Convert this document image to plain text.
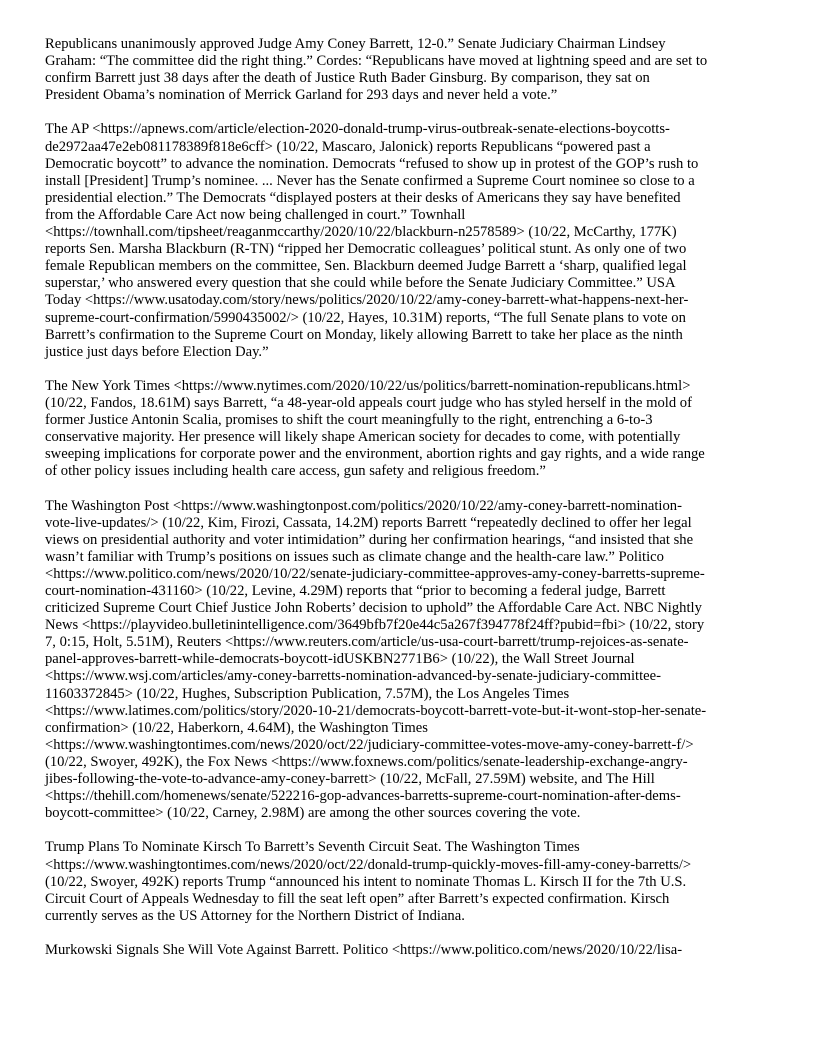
Republicans unanimously approved Judge Amy Coney Barrett, 12-0.” Senate Judiciary Chairman Lindsey
Graham: “The committee did the right thing.” Cordes: “Republicans have moved at lightning speed and are set to
confirm Barrett just 38 days after the death of Justice Ruth Bader Ginsburg. By comparison, they sat on
President Obama’s nomination of Merrick Garland for 293 days and never held a vote.”

The AP <https://apnews.com/article/election-2020-donald-trump-virus-outbreak-senate-elections-boycotts-
de2972aa47e2eb081178389f818e6cff> (10/22, Mascaro, Jalonick) reports Republicans “powered past a
Democratic boycott” to advance the nomination. Democrats “refused to show up in protest of the GOP’s rush to
install [President] Trump’s nominee. ... Never has the Senate confirmed a Supreme Court nominee so close to a
presidential election.” The Democrats “displayed posters at their desks of Americans they say have benefited
from the Affordable Care Act now being challenged in court.” Townhall
<https://townhall.com/tipsheet/reaganmccarthy/2020/10/22/blackburn-n2578589> (10/22, McCarthy, 177K)
reports Sen. Marsha Blackburn (R-TN) “ripped her Democratic colleagues’ political stunt. As only one of two
female Republican members on the committee, Sen. Blackburn deemed Judge Barrett a ‘sharp, qualified legal
superstar,’ who answered every question that she could while before the Senate Judiciary Committee.” USA
Today <https://www.usatoday.com/story/news/politics/2020/10/22/amy-coney-barrett-what-happens-next-her-
supreme-court-confirmation/5990435002/> (10/22, Hayes, 10.31M) reports, “The full Senate plans to vote on
Barrett’s confirmation to the Supreme Court on Monday, likely allowing Barrett to take her place as the ninth
justice just days before Election Day.”

The New York Times <https://www.nytimes.com/2020/10/22/us/politics/barrett-nomination-republicans.html>
(10/22, Fandos, 18.61M) says Barrett, “a 48-year-old appeals court judge who has styled herself in the mold of
former Justice Antonin Scalia, promises to shift the court meaningfully to the right, entrenching a 6-to-3
conservative majority. Her presence will likely shape American society for decades to come, with potentially
sweeping implications for corporate power and the environment, abortion rights and gay rights, and a wide range
of other policy issues including health care access, gun safety and religious freedom.”

The Washington Post <https://www.washingtonpost.com/politics/2020/10/22/amy-coney-barrett-nomination-
vote-live-updates/> (10/22, Kim, Firozi, Cassata, 14.2M) reports Barrett “repeatedly declined to offer her legal
views on presidential authority and voter intimidation” during her confirmation hearings, “and insisted that she
wasn’t familiar with Trump’s positions on issues such as climate change and the health-care law.” Politico
<https://www.politico.com/news/2020/10/22/senate-judiciary-committee-approves-amy-coney-barretts-supreme-
court-nomination-431160> (10/22, Levine, 4.29M) reports that “prior to becoming a federal judge, Barrett
criticized Supreme Court Chief Justice John Roberts’ decision to uphold” the Affordable Care Act. NBC Nightly
News <https://playvideo.bulletinintelligence.com/3649bfb7f20e44c5a267f394778f24ff?pubid=fbi> (10/22, story
7, 0:15, Holt, 5.51M), Reuters <https://www.reuters.com/article/us-usa-court-barrett/trump-rejoices-as-senate-
panel-approves-barrett-while-democrats-boycott-idUSKBN2771B6> (10/22), the Wall Street Journal
<https://www.wsj.com/articles/amy-coney-barretts-nomination-advanced-by-senate-judiciary-committee-
11603372845> (10/22, Hughes, Subscription Publication, 7.57M), the Los Angeles Times
<https://www.latimes.com/politics/story/2020-10-21/democrats-boycott-barrett-vote-but-it-wont-stop-her-senate-
confirmation> (10/22, Haberkorn, 4.64M), the Washington Times
<https://www.washingtontimes.com/news/2020/oct/22/judiciary-committee-votes-move-amy-coney-barrett-f/>
(10/22, Swoyer, 492K), the Fox News <https://www.foxnews.com/politics/senate-leadership-exchange-angry-
jibes-following-the-vote-to-advance-amy-coney-barrett> (10/22, McFall, 27.59M) website, and The Hill
<https://thehill.com/homenews/senate/522216-gop-advances-barretts-supreme-court-nomination-after-dems-
boycott-committee> (10/22, Carney, 2.98M) are among the other sources covering the vote.

Trump Plans To Nominate Kirsch To Barrett’s Seventh Circuit Seat. The Washington Times
<https://www.washingtontimes.com/news/2020/oct/22/donald-trump-quickly-moves-fill-amy-coney-barretts/>
(10/22, Swoyer, 492K) reports Trump “announced his intent to nominate Thomas L. Kirsch II for the 7th U.S.
Circuit Court of Appeals Wednesday to fill the seat left open” after Barrett’s expected confirmation. Kirsch
currently serves as the US Attorney for the Northern District of Indiana.

Murkowski Signals She Will Vote Against Barrett. Politico <https://www.politico.com/news/2020/10/22/lisa-
